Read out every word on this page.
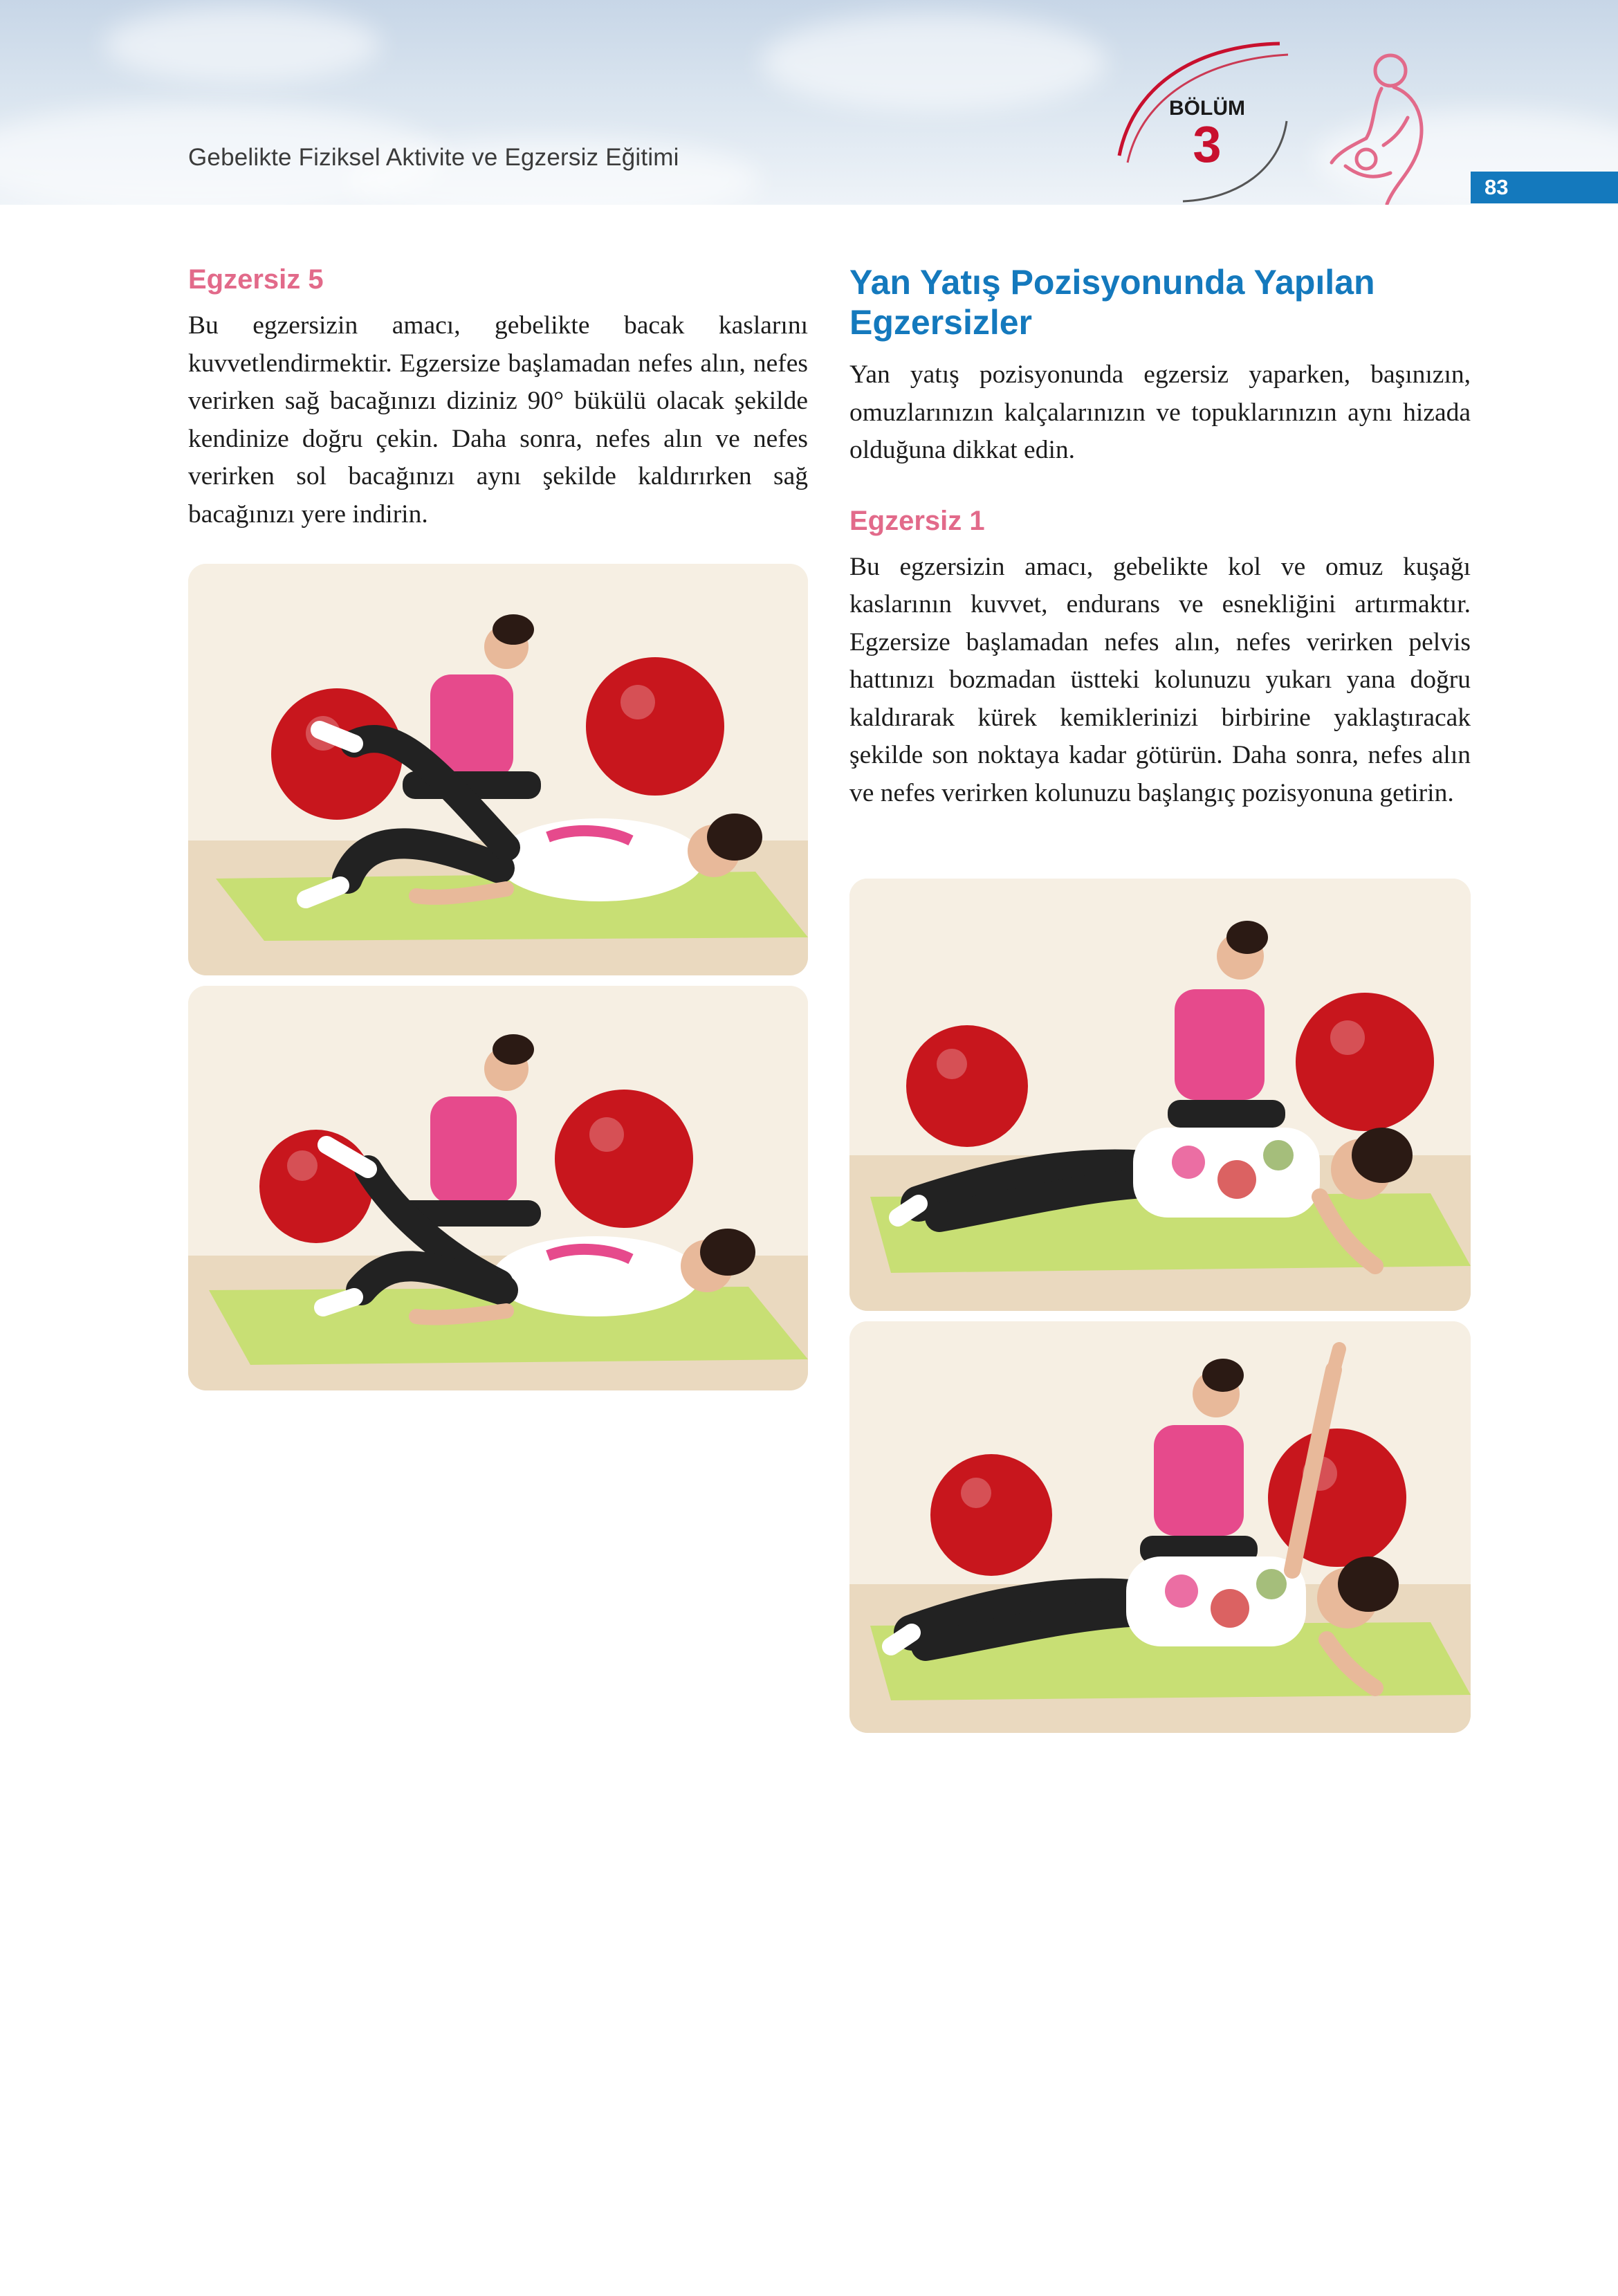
Gebelikte Fiziksel Aktivite ve Egzersiz Eğitimi
BÖLÜM
3
83
Egzersiz 5

Bu egzersizin amacı, gebelikte bacak kaslarını kuvvetlendirmektir. Egzersize başlamadan nefes alın, nefes verirken sağ bacağınızı diziniz 90° bükülü olacak şekilde kendinize doğru çekin. Daha sonra, nefes alın ve nefes verirken sol bacağınızı aynı şekilde kaldırırken sağ bacağınızı yere indirin.

Yan Yatış Pozisyonunda Yapılan Egzersizler

Yan yatış pozisyonunda egzersiz yaparken, başınızın, omuzlarınızın kalçalarınızın ve topuklarınızın aynı hizada olduğuna dikkat edin.

Egzersiz 1

Bu egzersizin amacı, gebelikte kol ve omuz kuşağı kaslarının kuvvet, endurans ve esnekliğini artırmaktır. Egzersize başlamadan nefes alın, nefes verirken pelvis hattınızı bozmadan üstteki kolunuzu yukarı yana doğru kaldırarak kürek kemiklerinizi birbirine yaklaştıracak şekilde son noktaya kadar götürün. Daha sonra, nefes alın ve nefes verirken kolunuzu başlangıç pozisyonuna getirin.
